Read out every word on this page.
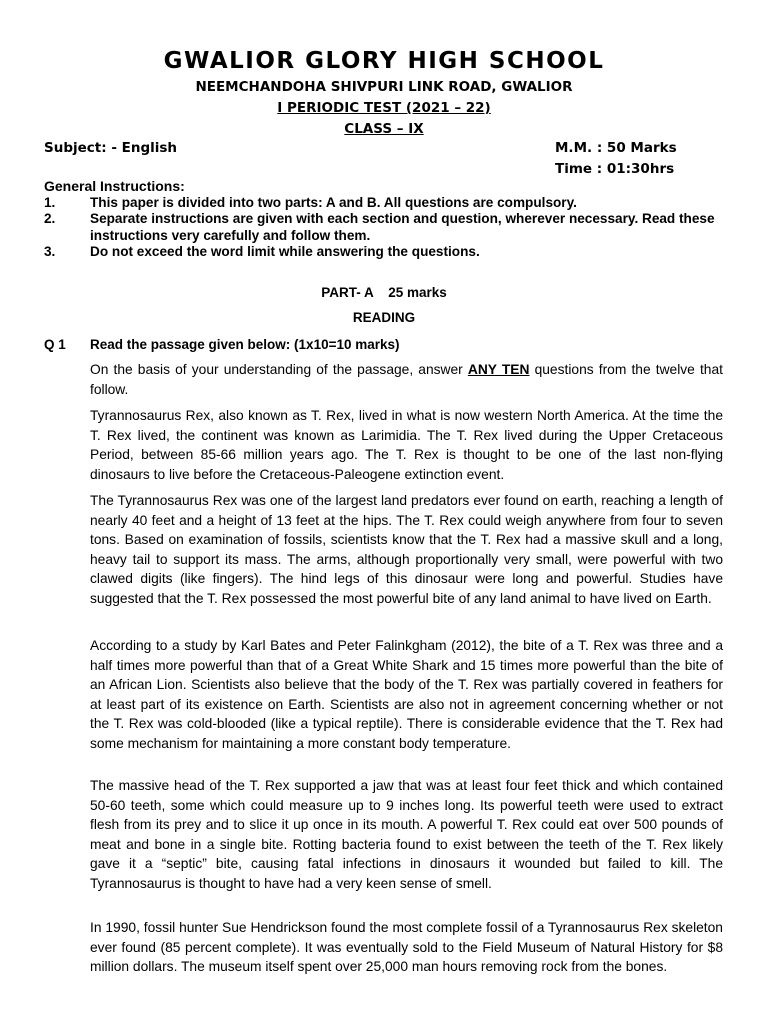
GWALIOR GLORY HIGH SCHOOL
NEEMCHANDOHA SHIVPURI LINK ROAD, GWALIOR
I PERIODIC TEST (2021 – 22)
CLASS – IX
Subject: - English	M.M. : 50 Marks
Time : 01:30hrs
General Instructions:
1.	This paper is divided into two parts: A and B. All questions are compulsory.
2.	Separate instructions are given with each section and question, wherever necessary. Read these instructions very carefully and follow them.
3.	Do not exceed the word limit while answering the questions.
PART- A    25 marks
READING
Q 1 Read the passage given below: (1x10=10 marks)

On the basis of your understanding of the passage, answer ANY TEN questions from the twelve that follow.

Tyrannosaurus Rex, also known as T. Rex, lived in what is now western North America. At the time the T. Rex lived, the continent was known as Larimidia. The T. Rex lived during the Upper Cretaceous Period, between 85-66 million years ago. The T. Rex is thought to be one of the last non-flying dinosaurs to live before the Cretaceous-Paleogene extinction event.

The Tyrannosaurus Rex was one of the largest land predators ever found on earth, reaching a length of nearly 40 feet and a height of 13 feet at the hips. The T. Rex could weigh anywhere from four to seven tons. Based on examination of fossils, scientists know that the T. Rex had a massive skull and a long, heavy tail to support its mass. The arms, although proportionally very small, were powerful with two clawed digits (like fingers). The hind legs of this dinosaur were long and powerful. Studies have suggested that the T. Rex possessed the most powerful bite of any land animal to have lived on Earth.

According to a study by Karl Bates and Peter Falinkgham (2012), the bite of a T. Rex was three and a half times more powerful than that of a Great White Shark and 15 times more powerful than the bite of an African Lion. Scientists also believe that the body of the T. Rex was partially covered in feathers for at least part of its existence on Earth. Scientists are also not in agreement concerning whether or not the T. Rex was cold-blooded (like a typical reptile). There is considerable evidence that the T. Rex had some mechanism for maintaining a more constant body temperature.

The massive head of the T. Rex supported a jaw that was at least four feet thick and which contained 50-60 teeth, some which could measure up to 9 inches long. Its powerful teeth were used to extract flesh from its prey and to slice it up once in its mouth. A powerful T. Rex could eat over 500 pounds of meat and bone in a single bite. Rotting bacteria found to exist between the teeth of the T. Rex likely gave it a “septic” bite, causing fatal infections in dinosaurs it wounded but failed to kill. The Tyrannosaurus is thought to have had a very keen sense of smell.

In 1990, fossil hunter Sue Hendrickson found the most complete fossil of a Tyrannosaurus Rex skeleton ever found (85 percent complete). It was eventually sold to the Field Museum of Natural History for $8 million dollars. The museum itself spent over 25,000 man hours removing rock from the bones.
